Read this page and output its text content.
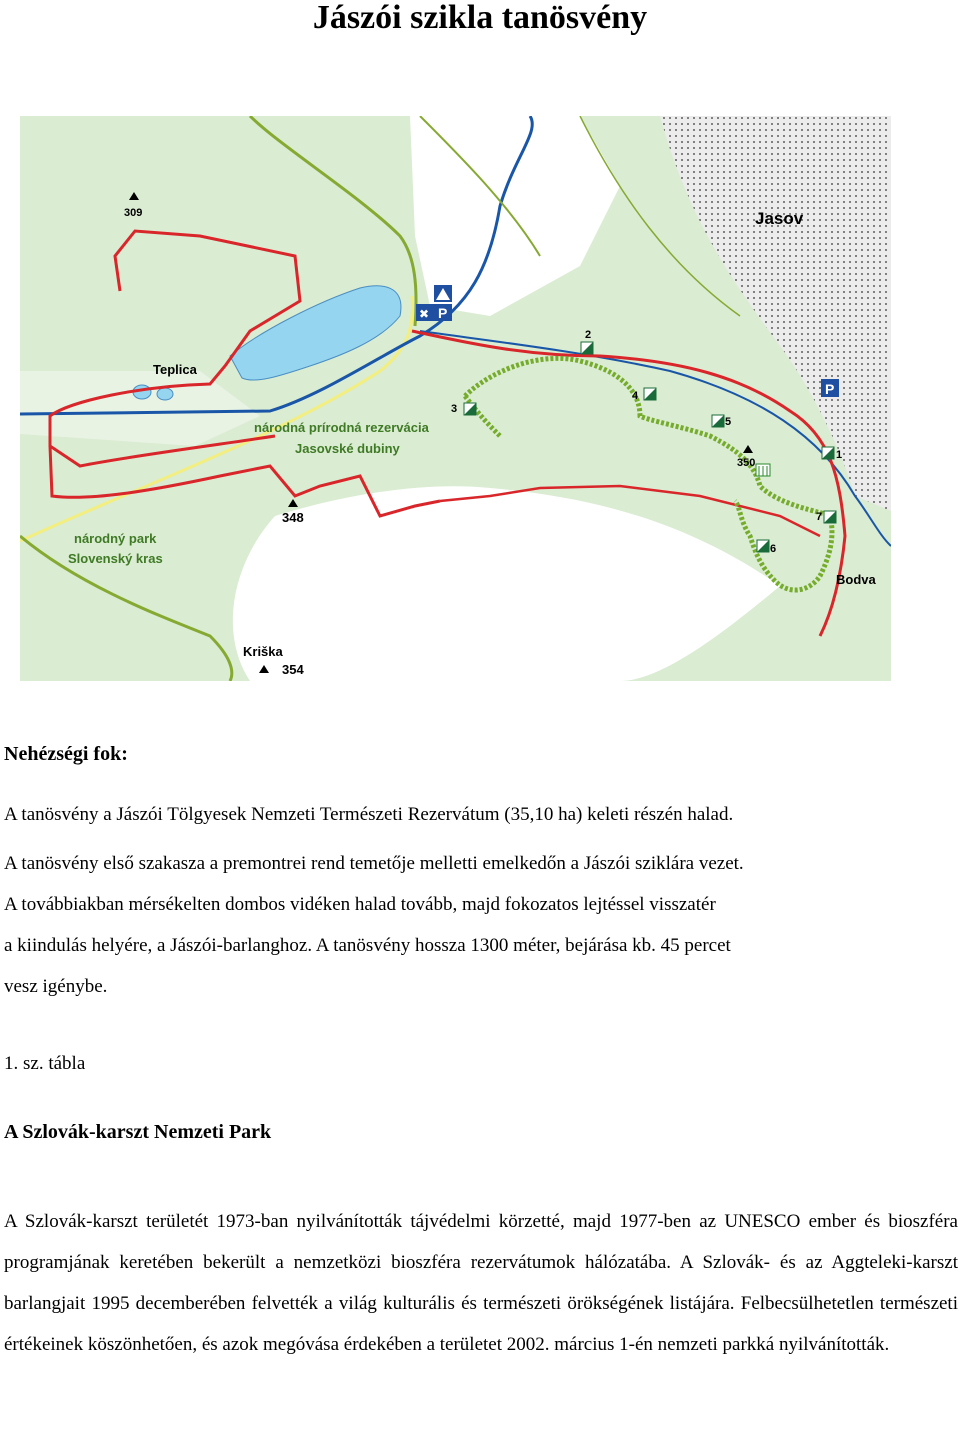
Jászói szikla tanösvény
2
3
4
5
1
6
7
309
348
350
354
Jasov
Teplica
Kriška
národná prírodná rezervácia
Jasovské dubiny
národný park
Slovenský kras
Bodva
✖ P
P
Nehézségi fok:

A tanösvény a Jászói Tölgyesek Nemzeti Természeti Rezervátum (35,10 ha) keleti részén halad.

A tanösvény első szakasza a premontrei rend temetője melletti emelkedőn a Jászói sziklára vezet.

A továbbiakban mérsékelten dombos vidéken halad tovább, majd fokozatos lejtéssel visszatér

a kiindulás helyére, a Jászói-barlanghoz. A tanösvény hossza 1300 méter, bejárása kb. 45 percet

vesz igénybe.

1. sz. tábla
A Szlovák-karszt Nemzeti Park

A Szlovák-karszt területét 1973-ban nyilvánították tájvédelmi körzetté, majd 1977-ben az UNESCO ember és bioszféra programjának keretében bekerült a nemzetközi bioszféra rezervátumok hálózatába. A Szlovák- és az Aggteleki-karszt barlangjait 1995 decemberében felvették a világ kulturális és természeti örökségének listájára. Felbecsülhetetlen természeti értékeinek köszönhetően, és azok megóvása érdekében a területet 2002. március 1-én nemzeti parkká nyilvánították.
